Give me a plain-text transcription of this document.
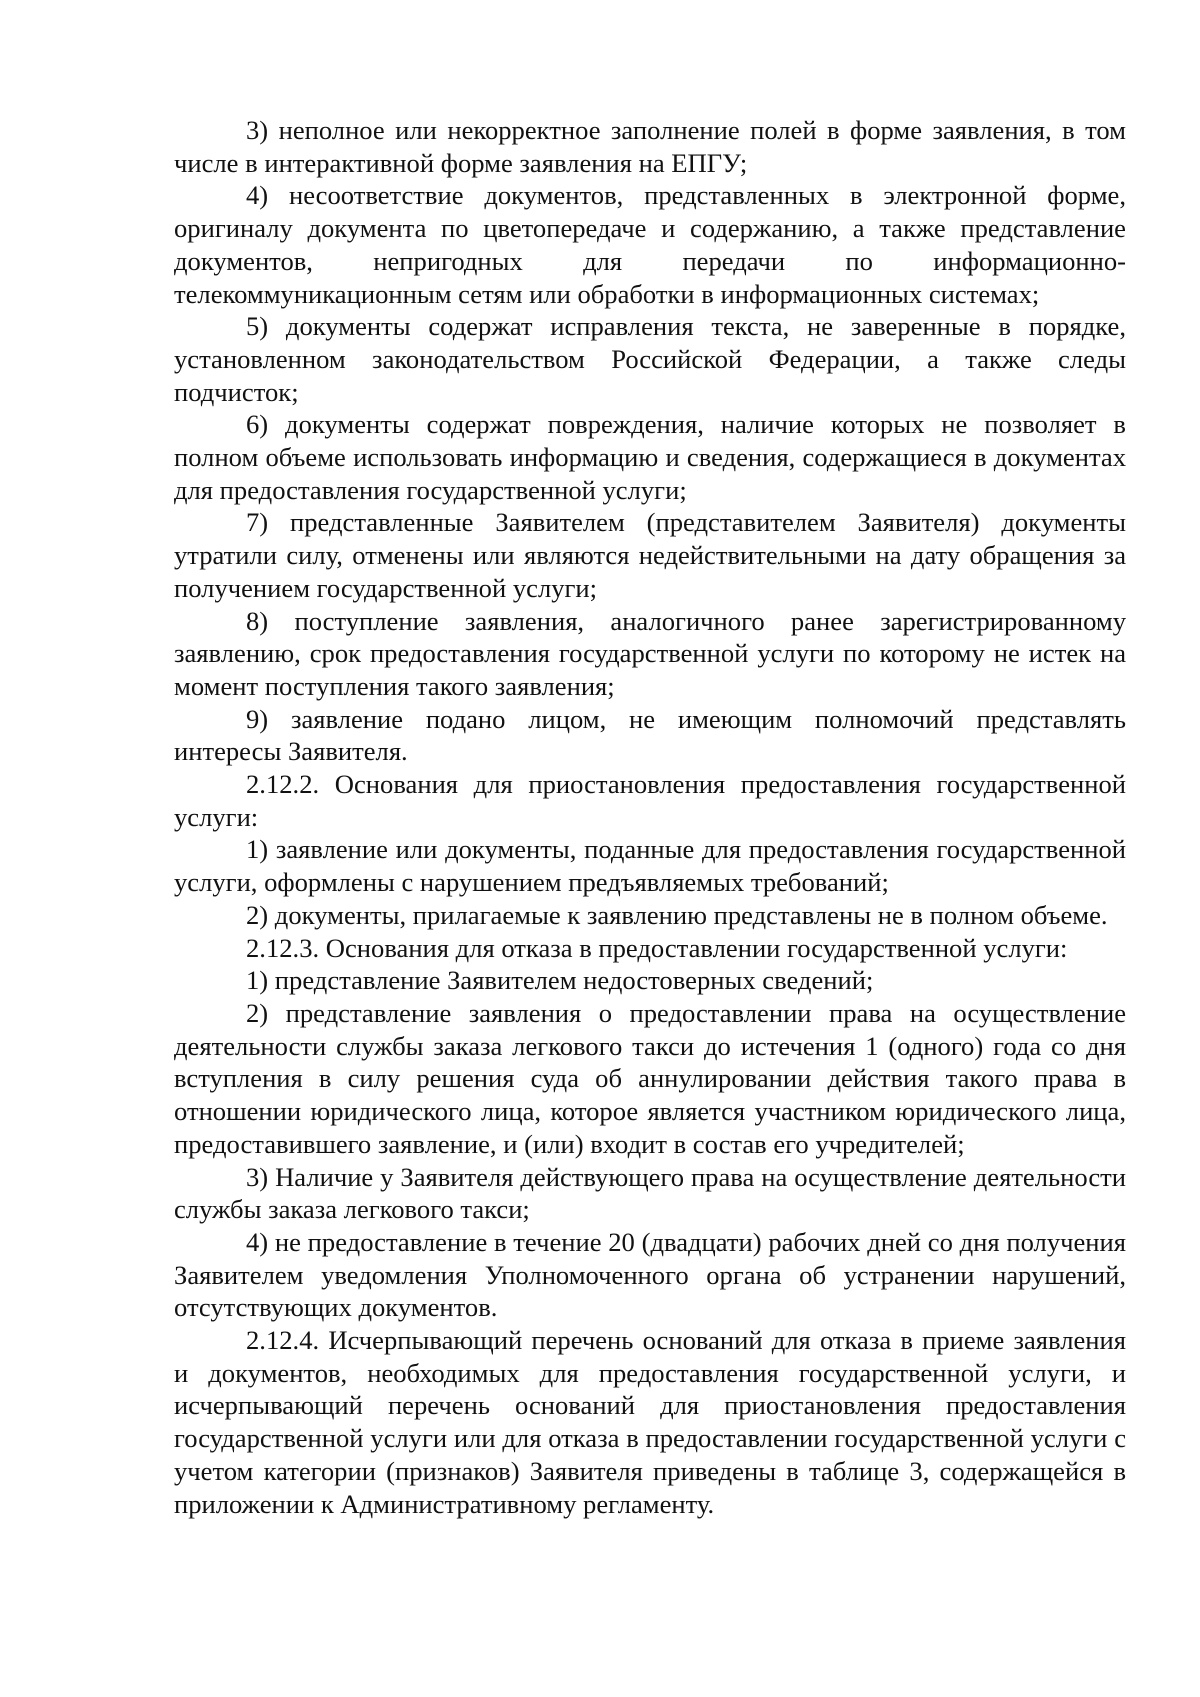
3) неполное или некорректное заполнение полей в форме заявления, в том числе в интерактивной форме заявления на ЕПГУ;

4) несоответствие документов, представленных в электронной форме, оригиналу документа по цветопередаче и содержанию, а также представление документов, непригодных для передачи по информационно-телекоммуникационным сетям или обработки в информационных системах;

5) документы содержат исправления текста, не заверенные в порядке, установленном законодательством Российской Федерации, а также следы подчисток;

6) документы содержат повреждения, наличие которых не позволяет в полном объеме использовать информацию и сведения, содержащиеся в документах для предоставления государственной услуги;

7) представленные Заявителем (представителем Заявителя) документы утратили силу, отменены или являются недействительными на дату обращения за получением государственной услуги;

8) поступление заявления, аналогичного ранее зарегистрированному заявлению, срок предоставления государственной услуги по которому не истек на момент поступления такого заявления;

9) заявление подано лицом, не имеющим полномочий представлять интересы Заявителя.

2.12.2. Основания для приостановления предоставления государственной услуги:

1) заявление или документы, поданные для предоставления государственной услуги, оформлены с нарушением предъявляемых требований;

2) документы, прилагаемые к заявлению представлены не в полном объеме.

2.12.3. Основания для отказа в предоставлении государственной услуги:

1) представление Заявителем недостоверных сведений;

2) представление заявления о предоставлении права на осуществление деятельности службы заказа легкового такси до истечения 1 (одного) года со дня вступления в силу решения суда об аннулировании действия такого права в отношении юридического лица, которое является участником юридического лица, предоставившего заявление, и (или) входит в состав его учредителей;

3) Наличие у Заявителя действующего права на осуществление деятельности службы заказа легкового такси;

4) не предоставление в течение 20 (двадцати) рабочих дней со дня получения Заявителем уведомления Уполномоченного органа об устранении нарушений, отсутствующих документов.

2.12.4. Исчерпывающий перечень оснований для отказа в приеме заявления и документов, необходимых для предоставления государственной услуги, и исчерпывающий перечень оснований для приостановления предоставления государственной услуги или для отказа в предоставлении государственной услуги с учетом категории (признаков) Заявителя приведены в таблице 3, содержащейся в приложении к Административному регламенту.
